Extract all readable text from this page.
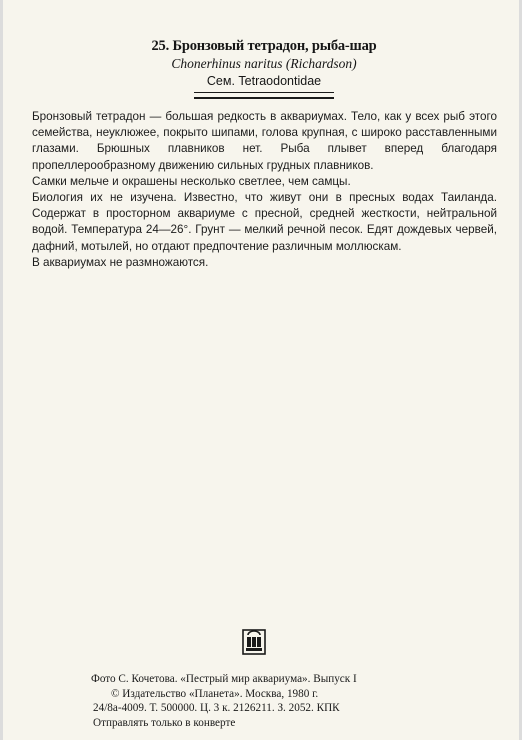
25. Бронзовый тетрадон, рыба-шар
Chonerhinus naritus (Richardson)
Сем. Tetraodontidae

Бронзовый тетрадон — большая редкость в аквариумах. Тело, как у всех рыб этого семейства, неуклюжее, покрыто шипами, голова крупная, с широко расставленными глазами. Брюшных плавников нет. Рыба плывет вперед благодаря пропеллерообразному движению сильных грудных плавников.

Самки мельче и окрашены несколько светлее, чем самцы.

Биология их не изучена. Известно, что живут они в пресных водах Таиланда. Содержат в просторном аквариуме с пресной, средней жесткости, нейтральной водой. Температура 24—26°. Грунт — мелкий речной песок. Едят дождевых червей, дафний, мотылей, но отдают предпочтение различным моллюскам.

В аквариумах не размножаются.

Фото С. Кочетова. «Пестрый мир аквариума». Выпуск I
© Издательство «Планета». Москва, 1980 г.
24/8а-4009. Т. 500000. Ц. 3 к. 2126211. З. 2052. КПК
Отправлять только в конверте
